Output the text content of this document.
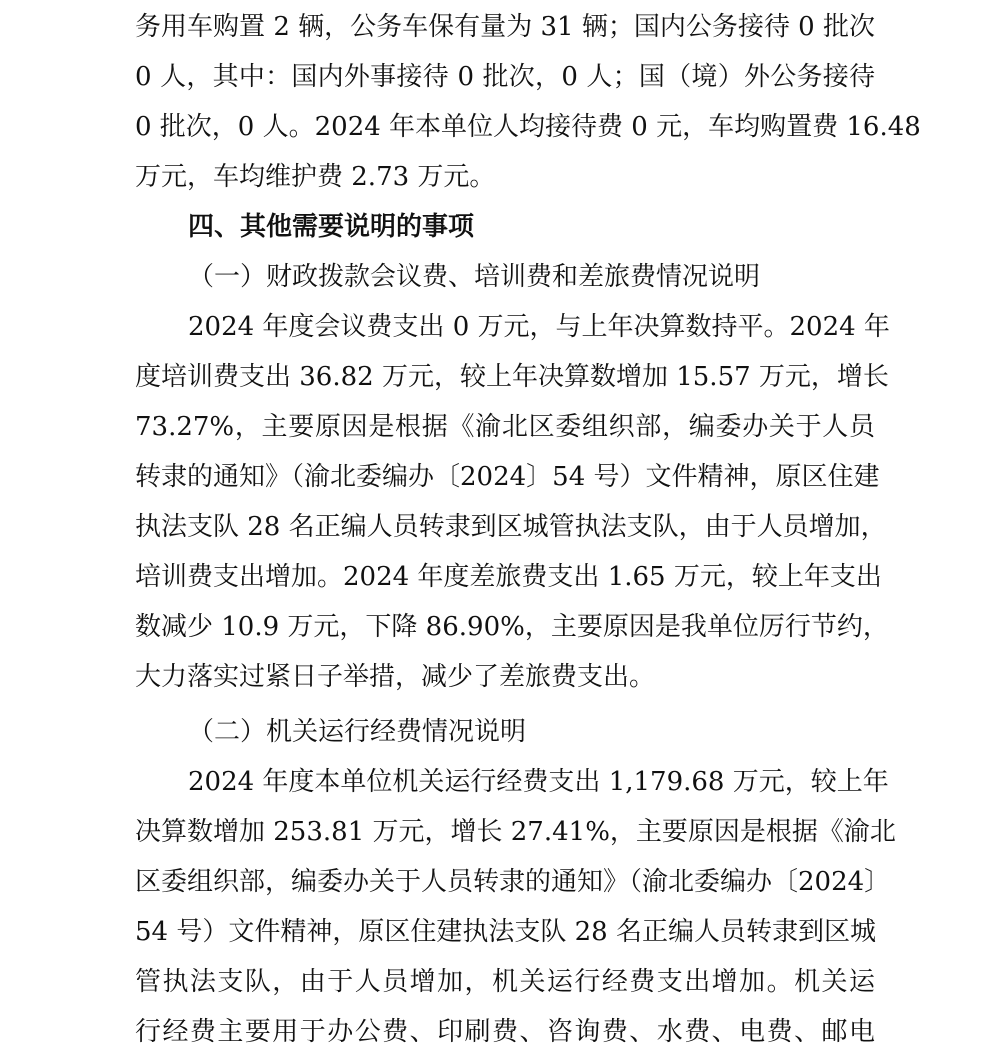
务用车购置 2 辆，公务车保有量为 31 辆；国内公务接待 0 批次
0 人，其中：国内外事接待 0 批次，0 人；国（境）外公务接待
0 批次，0 人。2024 年本单位人均接待费 0 元，车均购置费 16.48
万元，车均维护费 2.73 万元。
四、其他需要说明的事项
（一）财政拨款会议费、培训费和差旅费情况说明
2024 年度会议费支出 0 万元，与上年决算数持平。2024 年
度培训费支出 36.82 万元，较上年决算数增加 15.57 万元，增长
73.27%，主要原因是根据《渝北区委组织部，编委办关于人员
转隶的通知》（渝北委编办〔2024〕54 号）文件精神，原区住建
执法支队 28 名正编人员转隶到区城管执法支队，由于人员增加，
培训费支出增加。2024 年度差旅费支出 1.65 万元，较上年支出
数减少 10.9 万元，下降 86.90%，主要原因是我单位厉行节约，
大力落实过紧日子举措，减少了差旅费支出。
（二）机关运行经费情况说明
2024 年度本单位机关运行经费支出 1,179.68 万元，较上年
决算数增加 253.81 万元，增长 27.41%，主要原因是根据《渝北
区委组织部，编委办关于人员转隶的通知》（渝北委编办〔2024〕
54 号）文件精神，原区住建执法支队 28 名正编人员转隶到区城
管执法支队，由于人员增加，机关运行经费支出增加。机关运
行经费主要用于办公费、印刷费、咨询费、水费、电费、邮电
